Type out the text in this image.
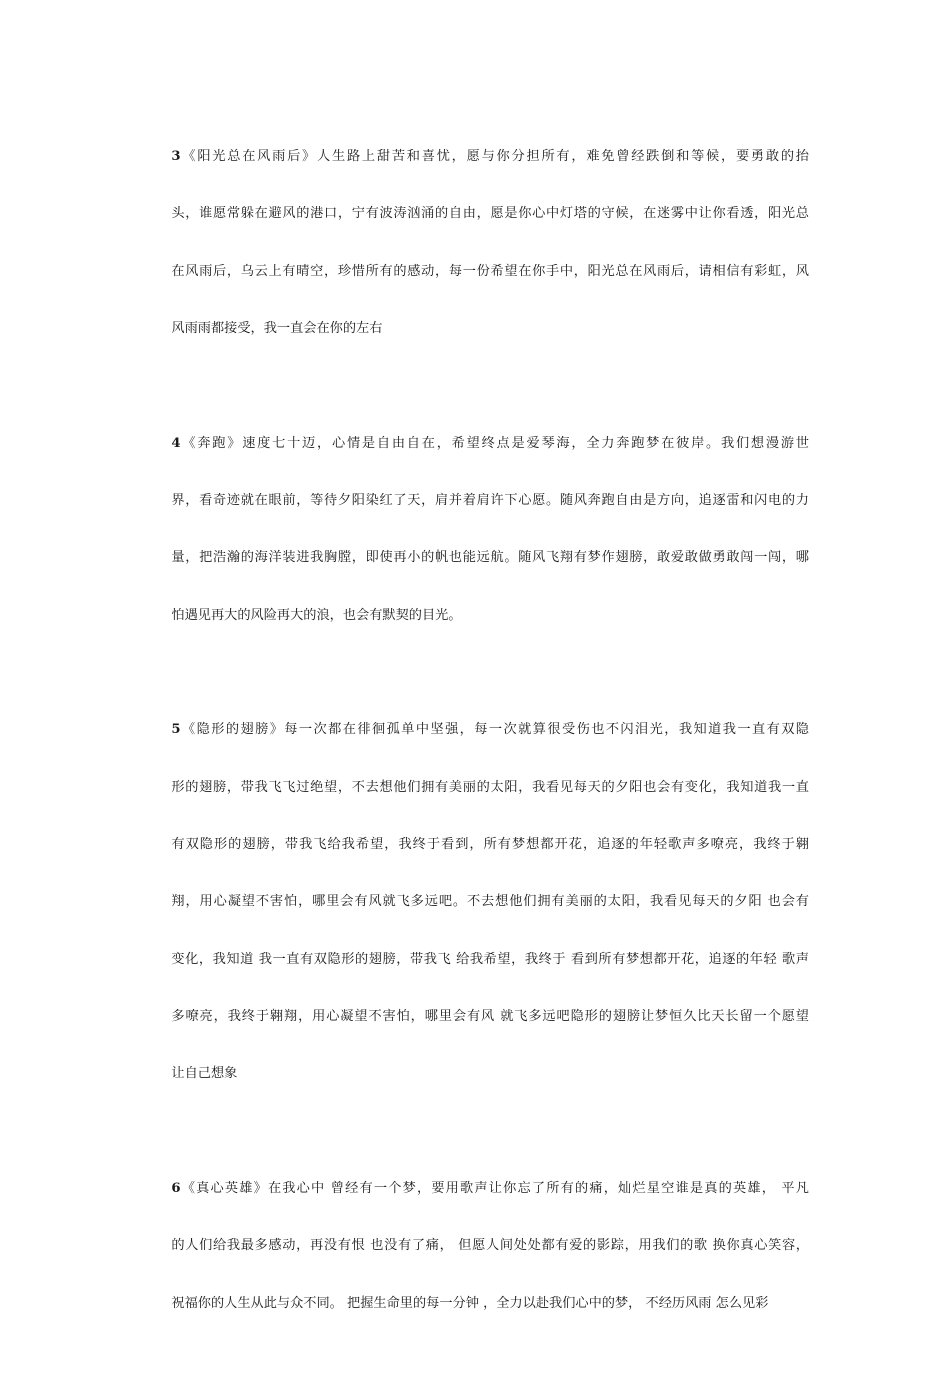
3《阳光总在风雨后》人生路上甜苦和喜忧，愿与你分担所有，难免曾经跌倒和等候，要勇敢的抬
头，谁愿常躲在避风的港口，宁有波涛汹涌的自由，愿是你心中灯塔的守候，在迷雾中让你看透，阳光总
在风雨后，乌云上有晴空，珍惜所有的感动，每一份希望在你手中，阳光总在风雨后，请相信有彩虹，风
风雨雨都接受，我一直会在你的左右
4《奔跑》速度七十迈，心情是自由自在，希望终点是爱琴海，全力奔跑梦在彼岸。我们想漫游世
界，看奇迹就在眼前，等待夕阳染红了天，肩并着肩许下心愿。随风奔跑自由是方向，追逐雷和闪电的力
量，把浩瀚的海洋装进我胸膛，即使再小的帆也能远航。随风飞翔有梦作翅膀，敢爱敢做勇敢闯一闯，哪
怕遇见再大的风险再大的浪，也会有默契的目光。
5《隐形的翅膀》每一次都在徘徊孤单中坚强，每一次就算很受伤也不闪泪光，我知道我一直有双隐
形的翅膀，带我飞飞过绝望，不去想他们拥有美丽的太阳，我看见每天的夕阳也会有变化，我知道我一直
有双隐形的翅膀，带我飞给我希望，我终于看到，所有梦想都开花，追逐的年轻歌声多嘹亮，我终于翱
翔，用心凝望不害怕，哪里会有风就飞多远吧。不去想他们拥有美丽的太阳，我看见每天的夕阳 也会有
变化，我知道 我一直有双隐形的翅膀，带我飞 给我希望，我终于 看到所有梦想都开花，追逐的年轻 歌声
多嘹亮，我终于翱翔，用心凝望不害怕，哪里会有风 就飞多远吧隐形的翅膀让梦恒久比天长留一个愿望
让自己想象
6《真心英雄》在我心中 曾经有一个梦，要用歌声让你忘了所有的痛，灿烂星空谁是真的英雄， 平凡
的人们给我最多感动，再没有恨 也没有了痛， 但愿人间处处都有爱的影踪，用我们的歌 换你真心笑容，
祝福你的人生从此与众不同。 把握生命里的每一分钟 ，全力以赴我们心中的梦， 不经历风雨 怎么见彩
